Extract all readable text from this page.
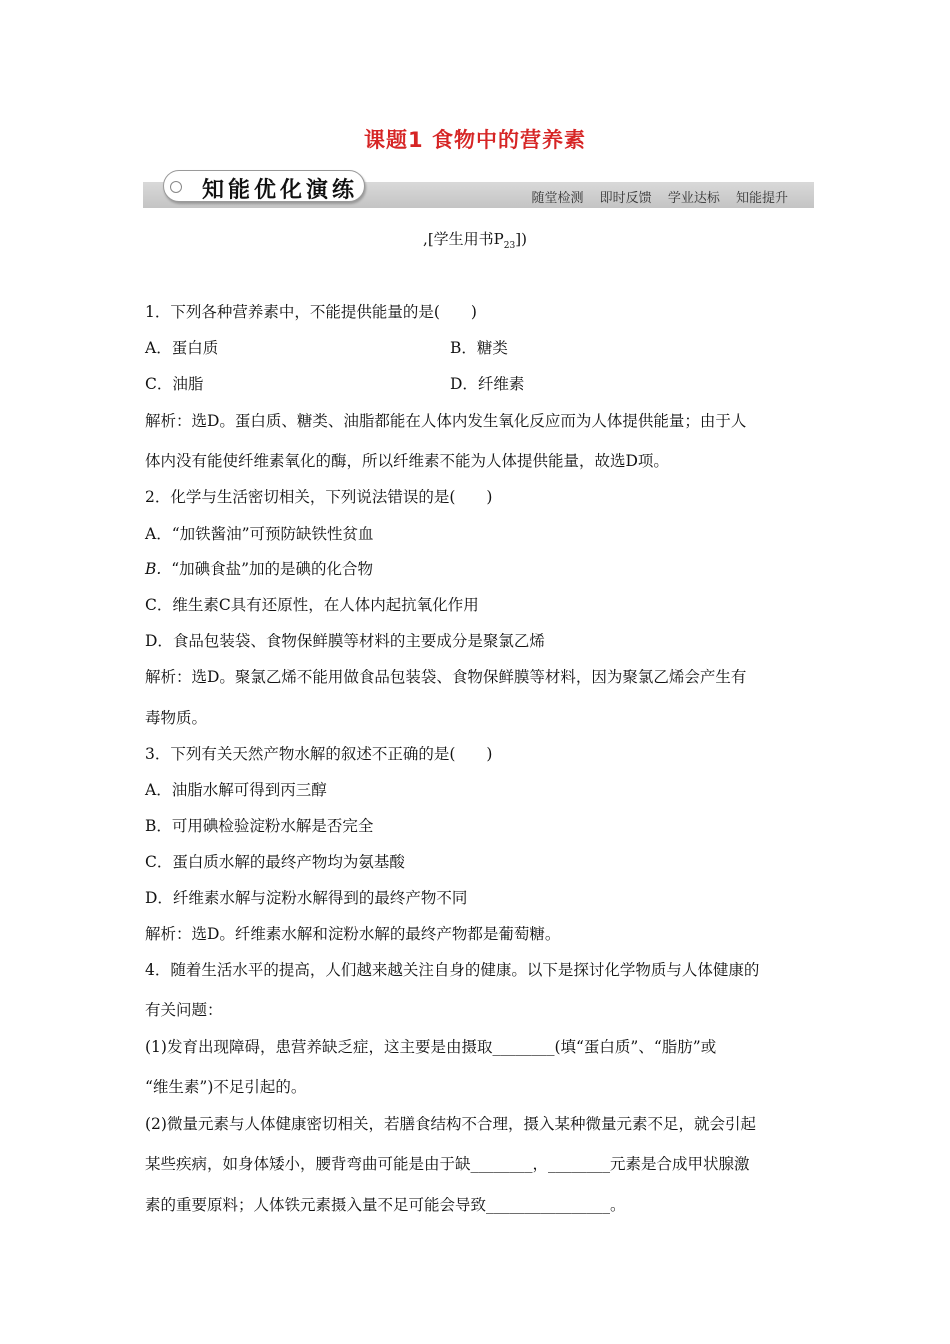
课题1 食物中的营养素
知能优化演练	随堂检测 即时反馈 学业达标 知能提升
,[学生用书$P_{23}$])
1．下列各种营养素中，不能提供能量的是(　　)
A．蛋白质	B．糖类
C．油脂	D．纤维素
解析：选D。蛋白质、糖类、油脂都能在人体内发生氧化反应而为人体提供能量；由于人
体内没有能使纤维素氧化的酶，所以纤维素不能为人体提供能量，故选D项。
2．化学与生活密切相关，下列说法错误的是(　　)
A．“加铁酱油”可预防缺铁性贫血
B. “加碘食盐”加的是碘的化合物
C．维生素C具有还原性，在人体内起抗氧化作用
D．食品包装袋、食物保鲜膜等材料的主要成分是聚氯乙烯
解析：选D。聚氯乙烯不能用做食品包装袋、食物保鲜膜等材料，因为聚氯乙烯会产生有
毒物质。
3．下列有关天然产物水解的叙述不正确的是(　　)
A．油脂水解可得到丙三醇
B．可用碘检验淀粉水解是否完全
C．蛋白质水解的最终产物均为氨基酸
D．纤维素水解与淀粉水解得到的最终产物不同
解析：选D。纤维素水解和淀粉水解的最终产物都是葡萄糖。
4．随着生活水平的提高，人们越来越关注自身的健康。以下是探讨化学物质与人体健康的
有关问题：
(1)发育出现障碍，患营养缺乏症，这主要是由摄取________(填“蛋白质”、“脂肪”或
“维生素”)不足引起的。
(2)微量元素与人体健康密切相关，若膳食结构不合理，摄入某种微量元素不足，就会引起
某些疾病，如身体矮小，腰背弯曲可能是由于缺________，________元素是合成甲状腺激
素的重要原料；人体铁元素摄入量不足可能会导致________________。
